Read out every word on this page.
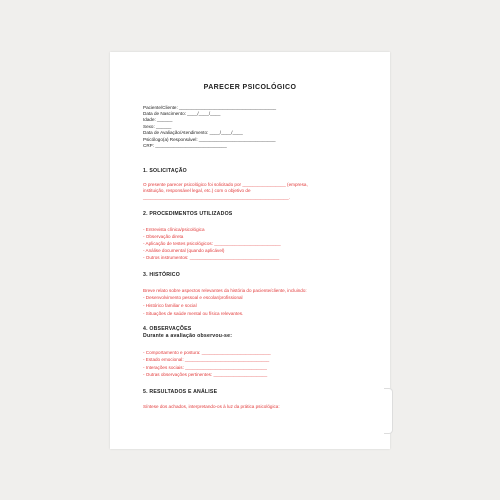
PARECER PSICOLÓGICO
Paciente/Cliente: ______________________________________
Data de Nascimento: ____/____/____
Idade: ______
Sexo: ______
Data de Avaliação/Atendimento: ____/____/____
Psicólogo(a) Responsável: ______________________________
CRP: ____________________________
1. SOLICITAÇÃO
O presente parecer psicológico foi solicitado por _________________ (empresa,
instituição, responsável legal, etc.) com o objetivo de
_________________________________________________________.
2. PROCEDIMENTOS UTILIZADOS
- Entrevista clínica/psicológica
- Observação direta
- Aplicação de testes psicológicos: __________________________
- Análise documental (quando aplicável)
- Outros instrumentos: ___________________________________
3. HISTÓRICO
Breve relato sobre aspectos relevantes da história do paciente/cliente, incluindo:
- Desenvolvimento pessoal e escolar/profissional
- Histórico familiar e social
- Situações de saúde mental ou física relevantes.
4. OBSERVAÇÕES
Durante a avaliação observou-se:
- Comportamento e postura: ___________________________
- Estado emocional: _________________________________
- Interações sociais: ________________________________
- Outras observações pertinentes: _____________________
5. RESULTADOS E ANÁLISE
Síntese dos achados, interpretando-os à luz da prática psicológica:
